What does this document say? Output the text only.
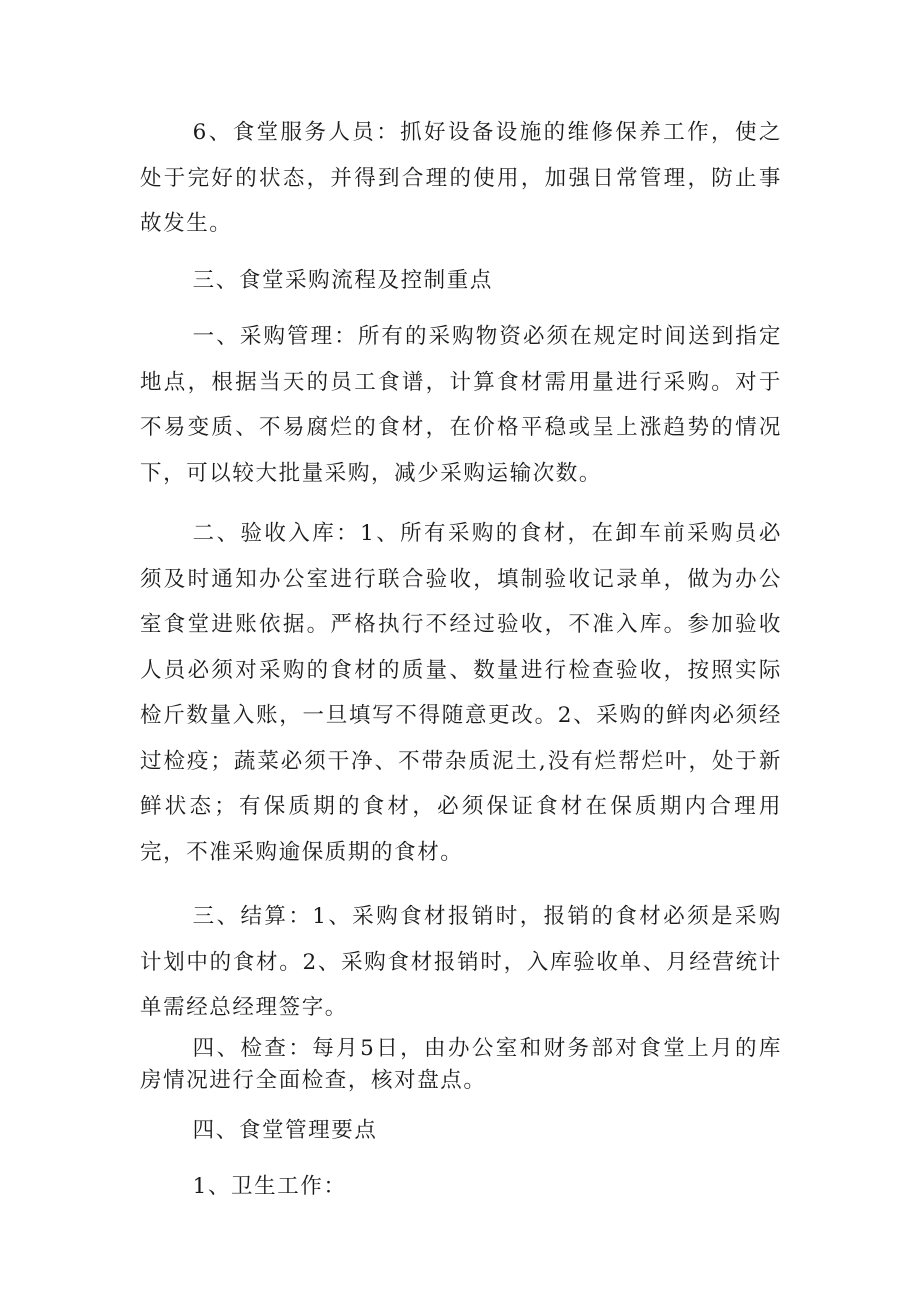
6、食堂服务人员：抓好设备设施的维修保养工作，使之处于完好的状态，并得到合理的使用，加强日常管理，防止事故发生。

三、食堂采购流程及控制重点

一、采购管理：所有的采购物资必须在规定时间送到指定地点，根据当天的员工食谱，计算食材需用量进行采购。对于不易变质、不易腐烂的食材，在价格平稳或呈上涨趋势的情况下，可以较大批量采购，减少采购运输次数。

二、验收入库：1、所有采购的食材，在卸车前采购员必须及时通知办公室进行联合验收，填制验收记录单，做为办公室食堂进账依据。严格执行不经过验收，不准入库。参加验收人员必须对采购的食材的质量、数量进行检查验收，按照实际检斤数量入账，一旦填写不得随意更改。2、采购的鲜肉必须经过检疫；蔬菜必须干净、不带杂质泥土,没有烂帮烂叶，处于新鲜状态；有保质期的食材，必须保证食材在保质期内合理用完，不准采购逾保质期的食材。

三、结算：1、采购食材报销时，报销的食材必须是采购计划中的食材。2、采购食材报销时，入库验收单、月经营统计单需经总经理签字。

四、检查：每月5日，由办公室和财务部对食堂上月的库房情况进行全面检查，核对盘点。

四、食堂管理要点

1、卫生工作：
